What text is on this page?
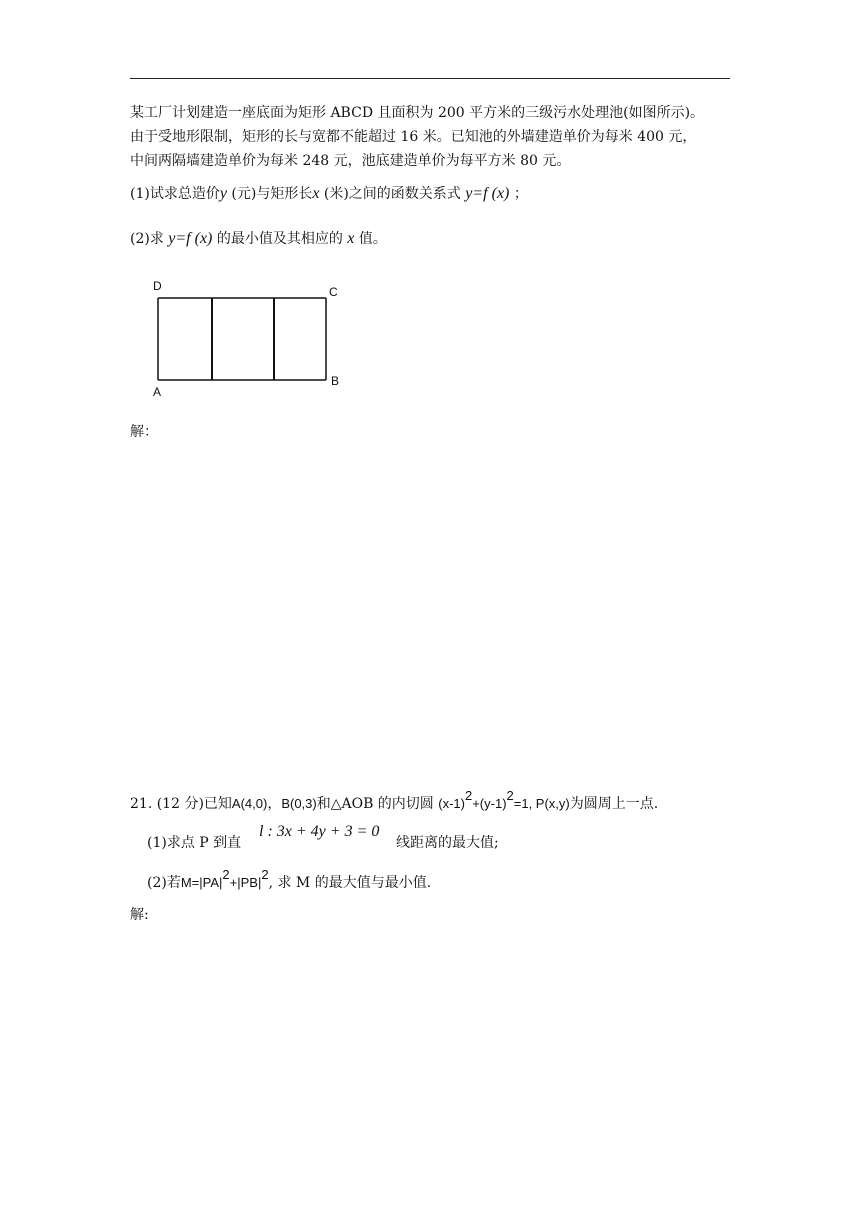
某工厂计划建造一座底面为矩形 ABCD 且面积为 200 平方米的三级污水处理池(如图所示)。
由于受地形限制，矩形的长与宽都不能超过 16 米。已知池的外墙建造单价为每米 400 元，
中间两隔墙建造单价为每米 248 元，池底建造单价为每平方米 80 元。
(1)试求总造价y (元)与矩形长x (米)之间的函数关系式 y=f (x) ；
(2)求 y=f (x) 的最小值及其相应的 x 值。
D	C
A
B
解：
21. (12 分)已知A(4,0)，B(0,3)和△AOB 的内切圆 $(x-1)^2+(y-1)^2=1$, P(x,y)为圆周上一点.
(1)求点 P 到直
l : 3x + 4y + 3 = 0
线距离的最大值;
(2)若$M=|PA|^2+|PB|^2$, 求 M 的最大值与最小值.
解:
